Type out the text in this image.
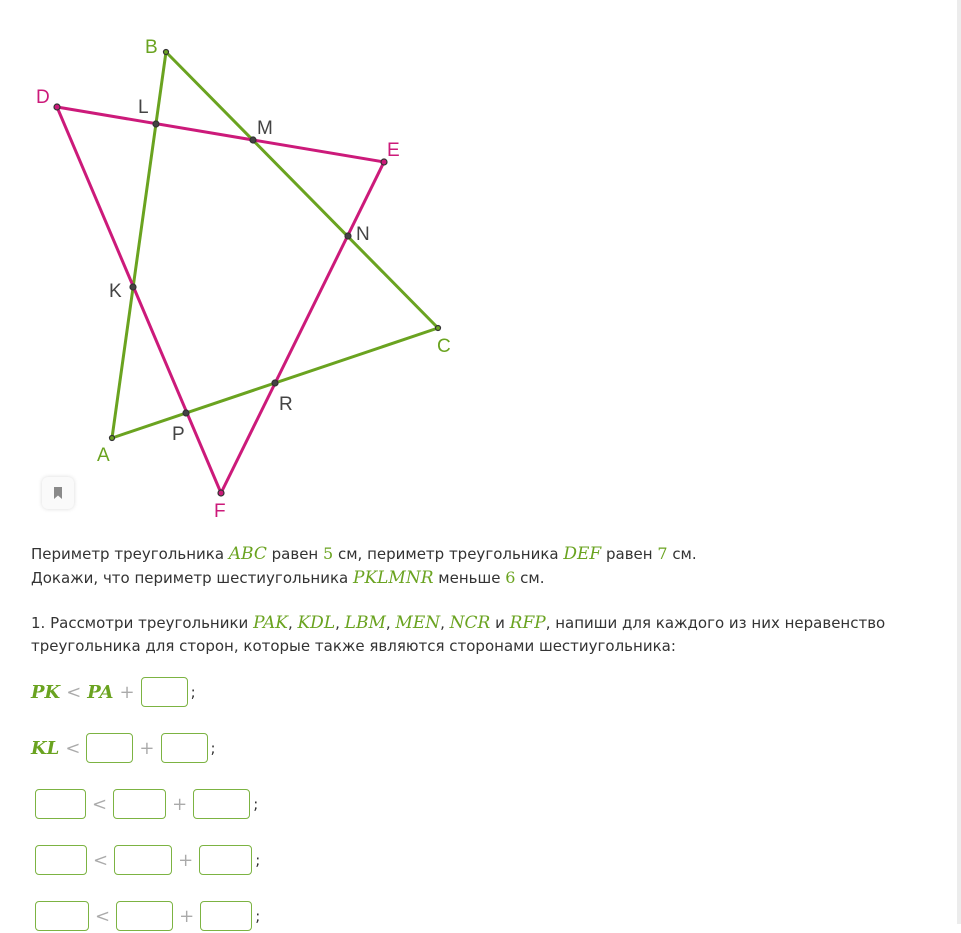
A
B
C
D
E
F
L
M
N
R
P
K

Периметр треугольника ABC равен 5 см, периметр треугольника DEF равен 7 см.

Докажи, что периметр шестиугольника PKLMNR меньше 6 см.

1. Рассмотри треугольники PAK, KDL, LBM, MEN, NCR и RFP, напиши для каждого из них неравенство треугольника для сторон, которые также являются сторонами шестиугольника:

PK < PA +	;
KL <	+	;
<	+	;
<	+	;
<	+	;
